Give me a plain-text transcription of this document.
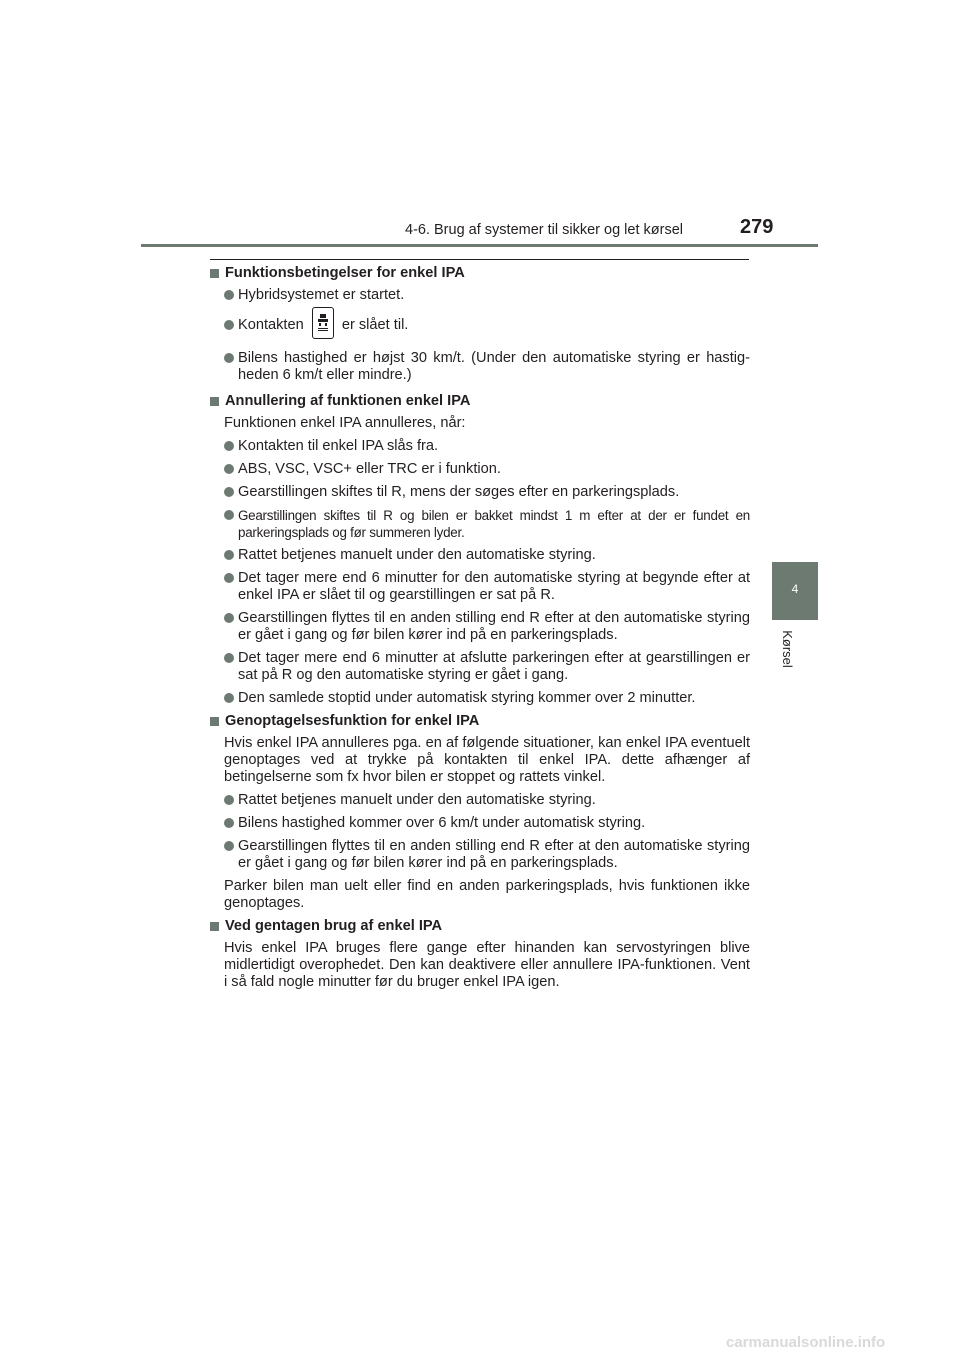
4-6. Brug af systemer til sikker og let kørsel	279
4
Kørsel
Funktionsbetingelser for enkel IPA
Hybridsystemet er startet.
Kontakten	er slået til.
Bilens hastighed er højst 30 km/t. (Under den automatiske styring er hastig-heden 6 km/t eller mindre.)
Annullering af funktionen enkel IPA
Funktionen enkel IPA annulleres, når:
Kontakten til enkel IPA slås fra.
ABS, VSC, VSC+ eller TRC er i funktion.
Gearstillingen skiftes til R, mens der søges efter en parkeringsplads.
Gearstillingen skiftes til R og bilen er bakket mindst 1 m efter at der er fundet en parkeringsplads og før summeren lyder.
Rattet betjenes manuelt under den automatiske styring.
Det tager mere end 6 minutter for den automatiske styring at begynde efter at enkel IPA er slået til og gearstillingen er sat på R.
Gearstillingen flyttes til en anden stilling end R efter at den automatiske styring er gået i gang og før bilen kører ind på en parkeringsplads.
Det tager mere end 6 minutter at afslutte parkeringen efter at gearstillingen er sat på R og den automatiske styring er gået i gang.
Den samlede stoptid under automatisk styring kommer over 2 minutter.
Genoptagelsesfunktion for enkel IPA
Hvis enkel IPA annulleres pga. en af følgende situationer, kan enkel IPA eventuelt genoptages ved at trykke på kontakten til enkel IPA. dette afhænger af betingelserne som fx hvor bilen er stoppet og rattets vinkel.
Rattet betjenes manuelt under den automatiske styring.
Bilens hastighed kommer over 6 km/t under automatisk styring.
Gearstillingen flyttes til en anden stilling end R efter at den automatiske styring er gået i gang og før bilen kører ind på en parkeringsplads.
Parker bilen man uelt eller find en anden parkeringsplads, hvis funktionen ikke genoptages.
Ved gentagen brug af enkel IPA
Hvis enkel IPA bruges flere gange efter hinanden kan servostyringen blive midlertidigt overophedet. Den kan deaktivere eller annullere IPA-funktionen. Vent i så fald nogle minutter før du bruger enkel IPA igen.
carmanualsonline.info
